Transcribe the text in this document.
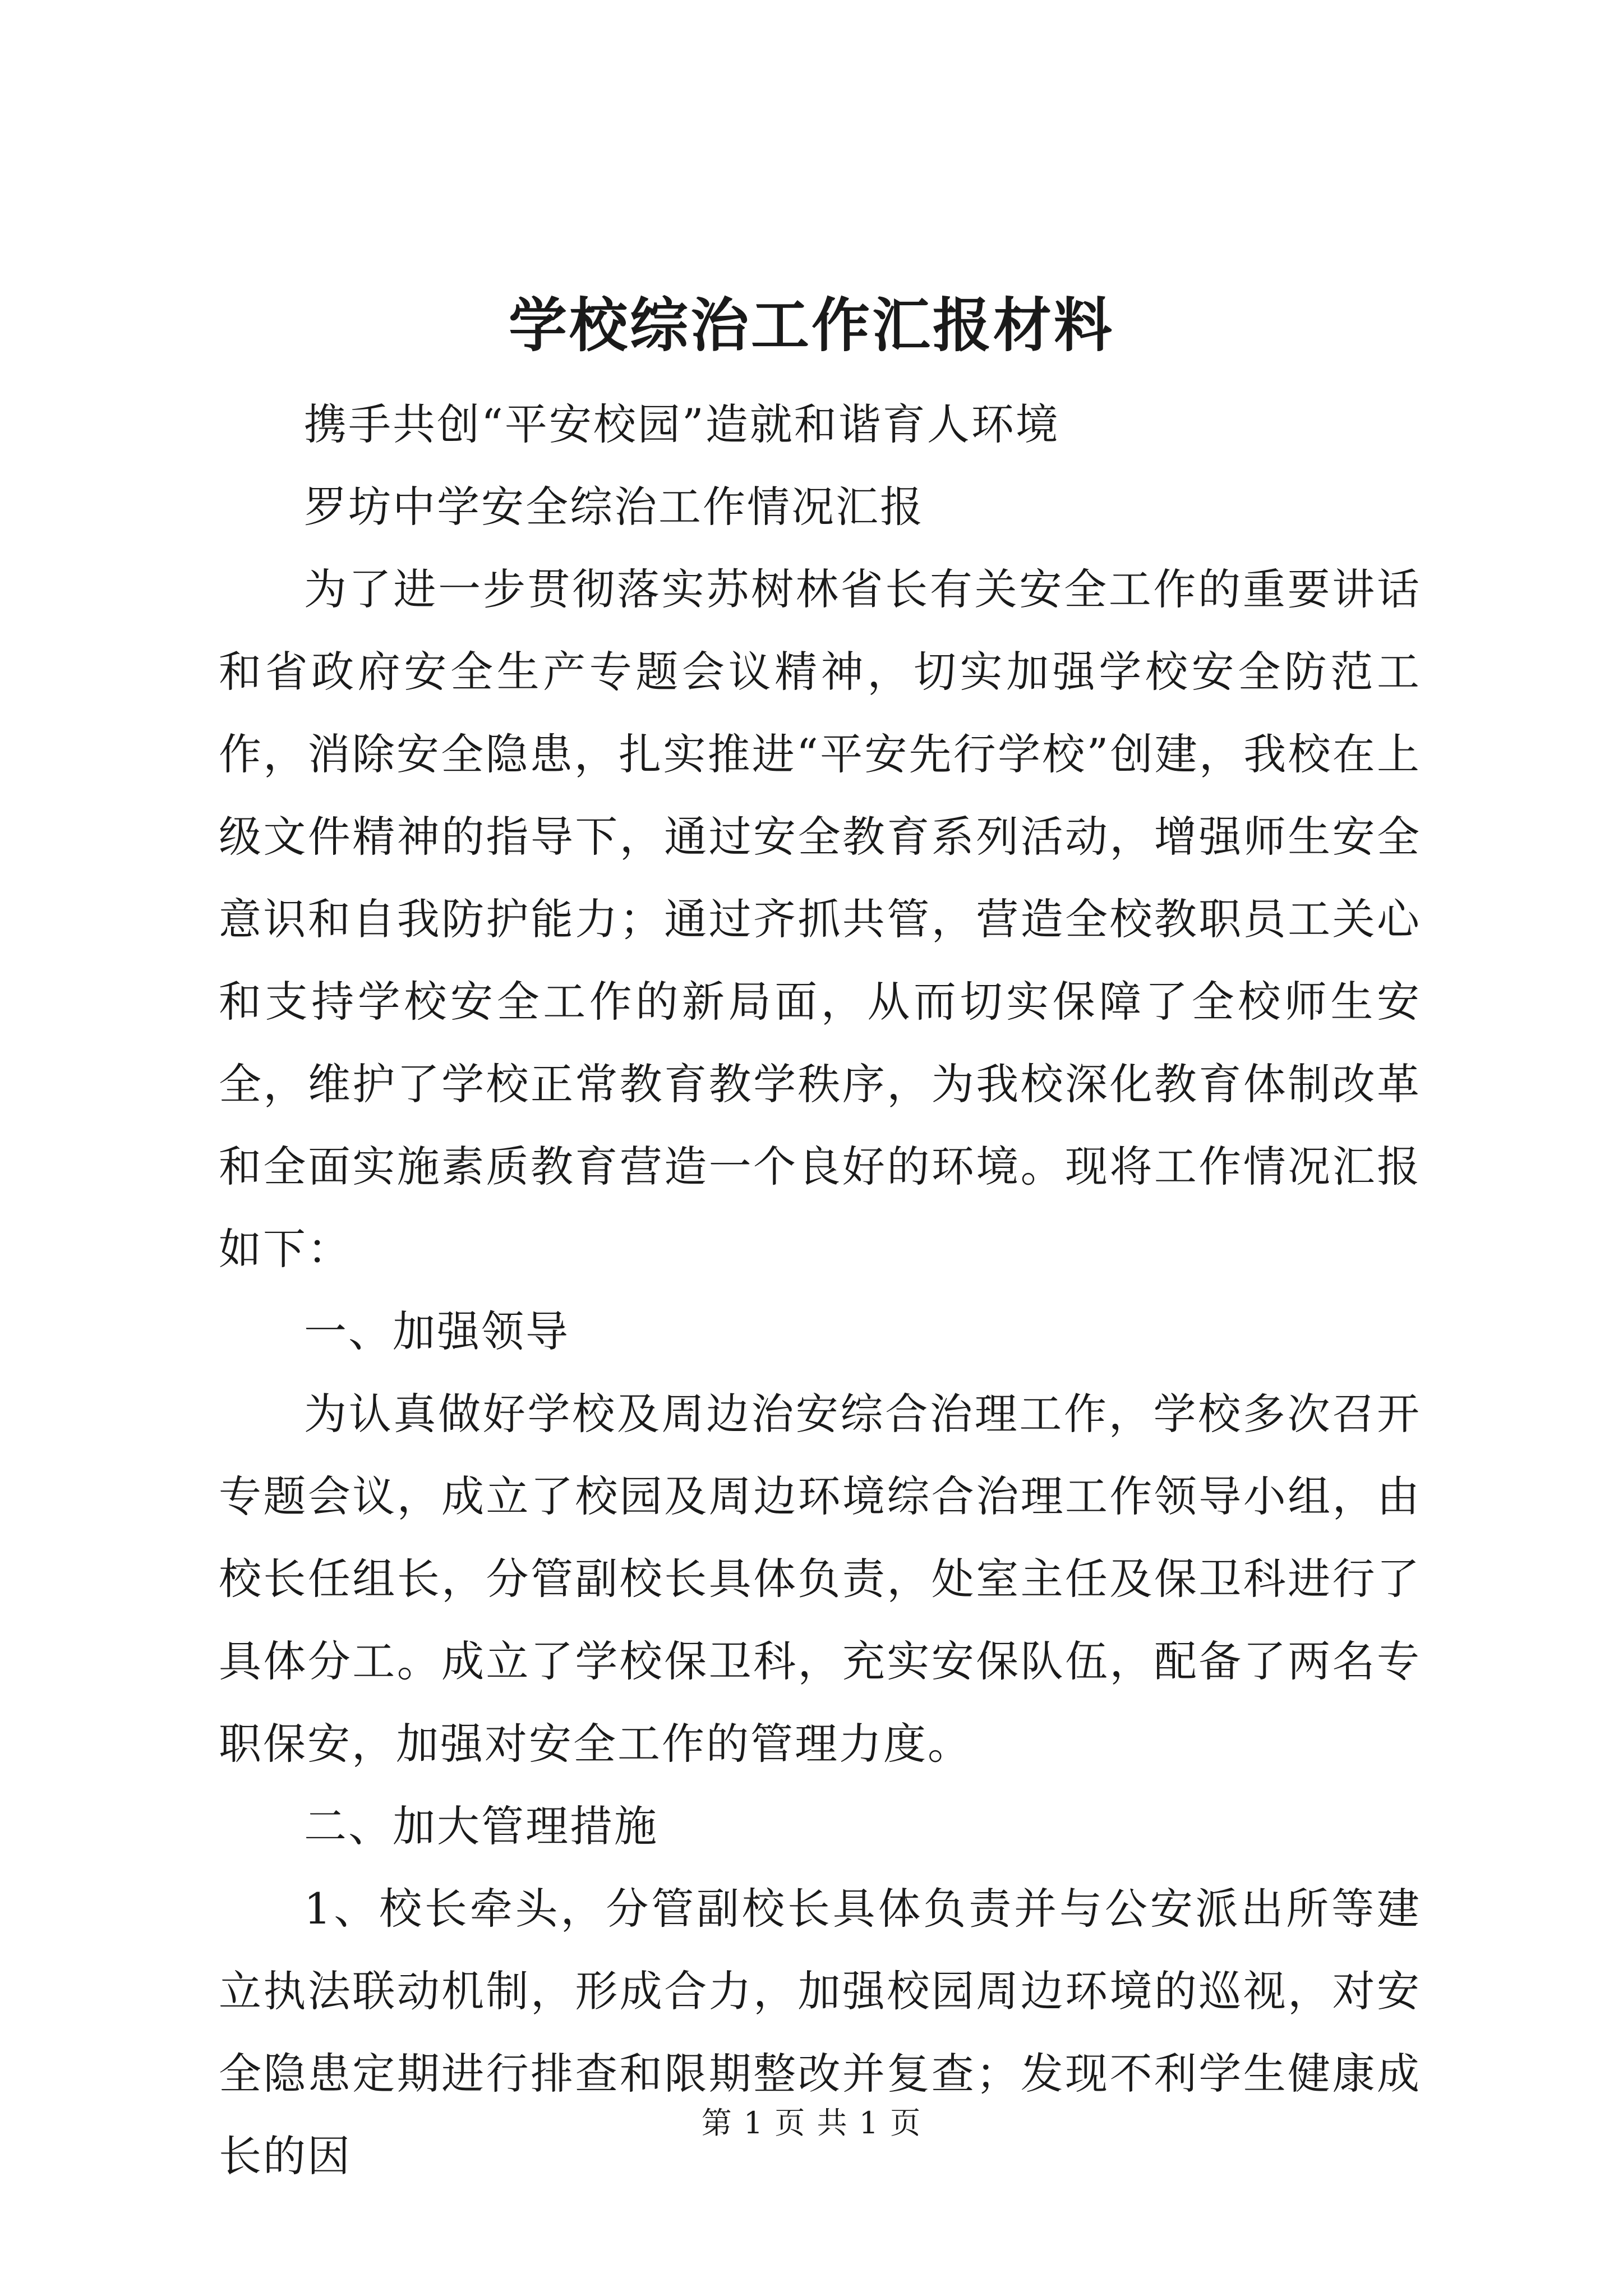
学校综治工作汇报材料

携手共创“平安校园”造就和谐育人环境

罗坊中学安全综治工作情况汇报

为了进一步贯彻落实苏树林省长有关安全工作的重要讲话和省政府安全生产专题会议精神，切实加强学校安全防范工作，消除安全隐患，扎实推进“平安先行学校”创建，我校在上级文件精神的指导下，通过安全教育系列活动，增强师生安全意识和自我防护能力；通过齐抓共管，营造全校教职员工关心和支持学校安全工作的新局面，从而切实保障了全校师生安全，维护了学校正常教育教学秩序，为我校深化教育体制改革和全面实施素质教育营造一个良好的环境。现将工作情况汇报如下：

一、加强领导

为认真做好学校及周边治安综合治理工作，学校多次召开专题会议，成立了校园及周边环境综合治理工作领导小组，由校长任组长，分管副校长具体负责，处室主任及保卫科进行了具体分工。成立了学校保卫科，充实安保队伍，配备了两名专职保安，加强对安全工作的管理力度。

二、加大管理措施

1、校长牵头，分管副校长具体负责并与公安派出所等建立执法联动机制，形成合力，加强校园周边环境的巡视，对安全隐患定期进行排查和限期整改并复查；发现不利学生健康成长的因

第 1 页 共 1 页
